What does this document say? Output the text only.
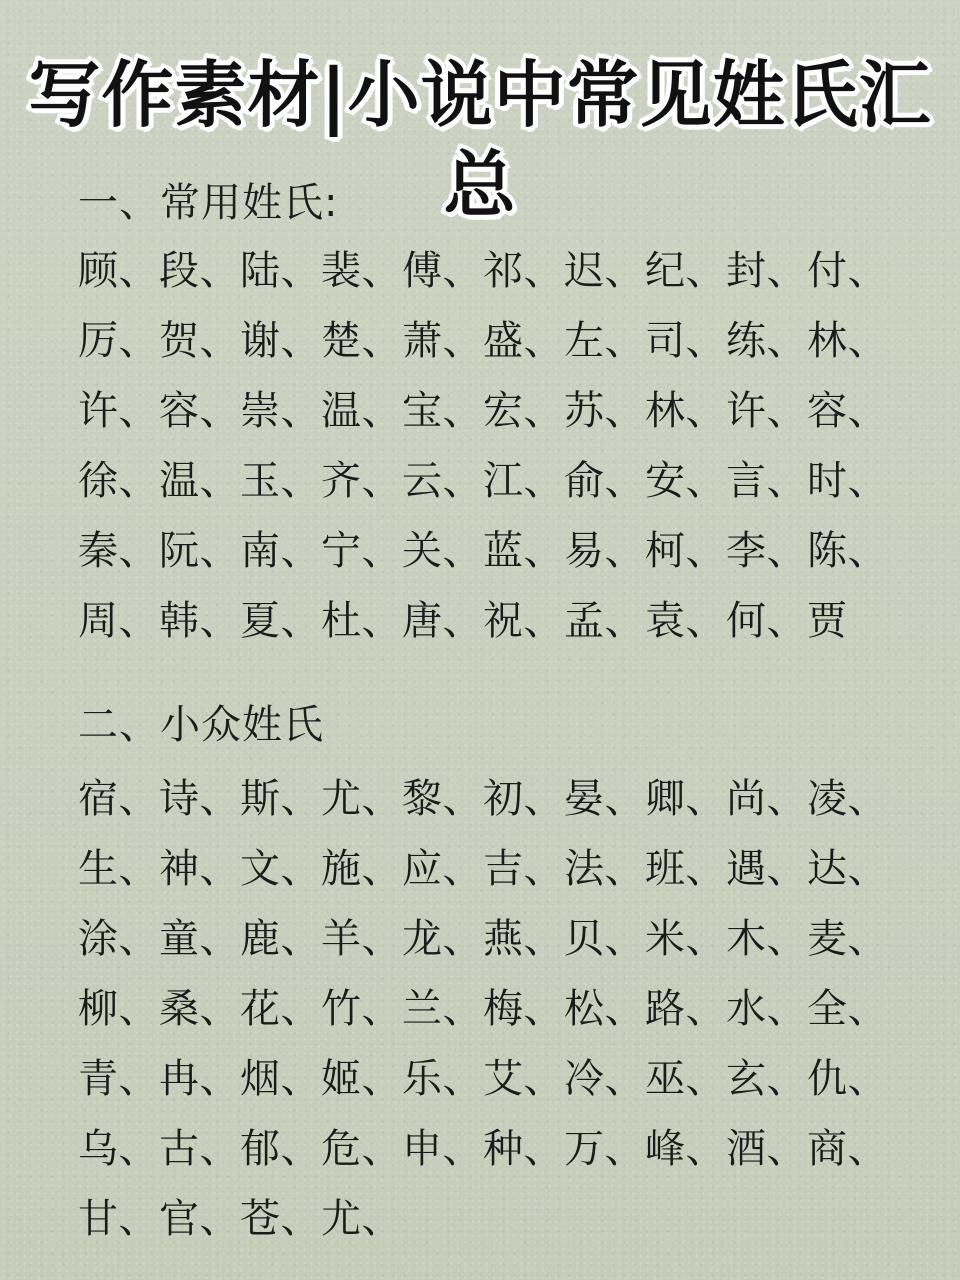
写作素材|小说中常见姓氏汇总
一、常用姓氏:
顾、段、陆、裴、傅、祁、迟、纪、封、付、
厉、贺、谢、楚、萧、盛、左、司、练、林、
许、容、崇、温、宝、宏、苏、林、许、容、
徐、温、玉、齐、云、江、俞、安、言、时、
秦、阮、南、宁、关、蓝、易、柯、李、陈、
周、韩、夏、杜、唐、祝、孟、袁、何、贾
二、小众姓氏
宿、诗、斯、尤、黎、初、晏、卿、尚、凌、
生、神、文、施、应、吉、法、班、遇、达、
涂、童、鹿、羊、龙、燕、贝、米、木、麦、
柳、桑、花、竹、兰、梅、松、路、水、全、
青、冉、烟、姬、乐、艾、冷、巫、玄、仇、
乌、古、郁、危、申、种、万、峰、酒、商、
甘、官、苍、尤、
